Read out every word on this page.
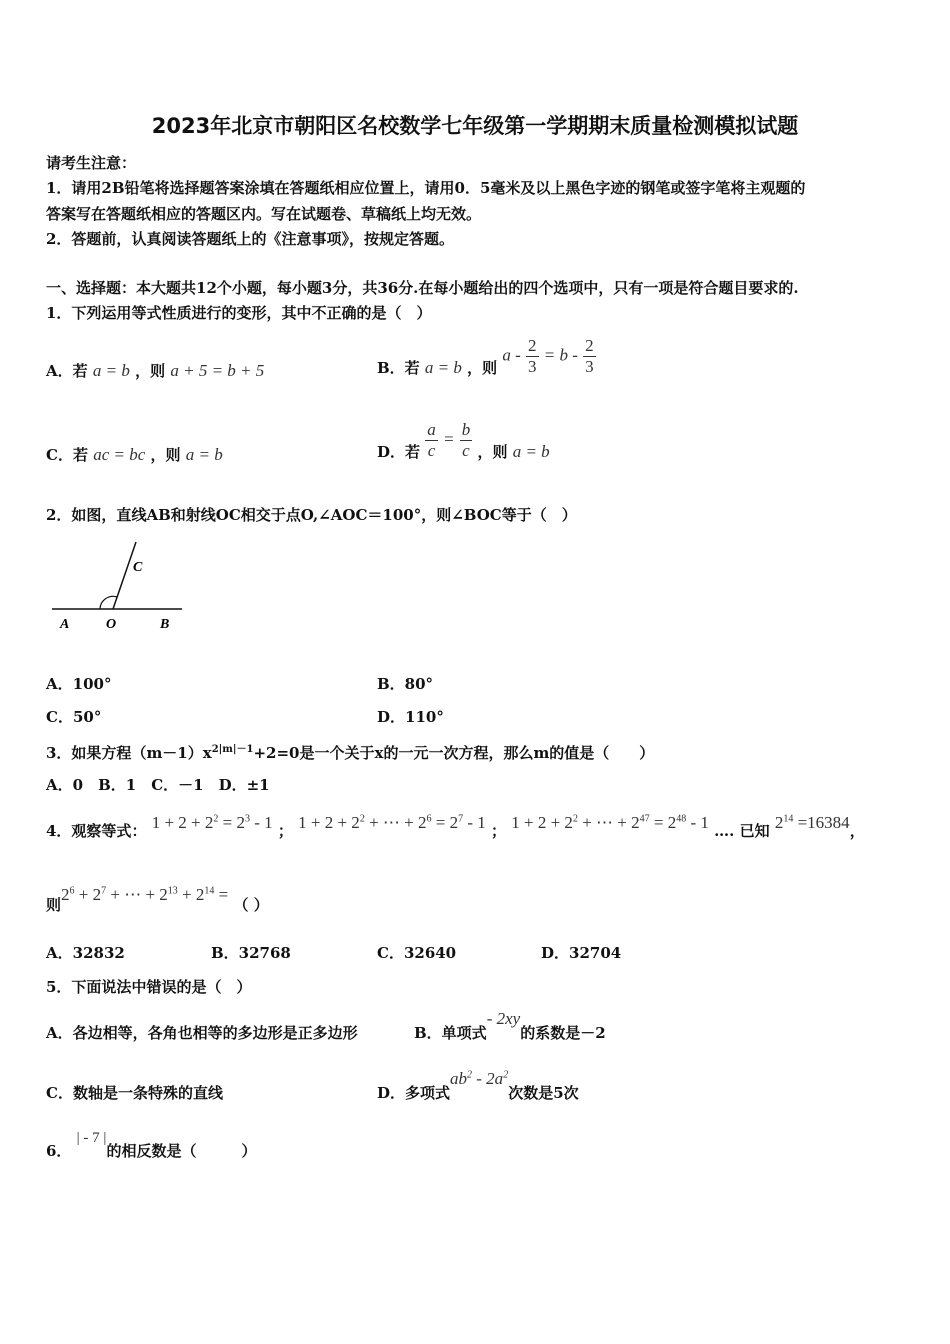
2023年北京市朝阳区名校数学七年级第一学期期末质量检测模拟试题
请考生注意：
1．请用2B铅笔将选择题答案涂填在答题纸相应位置上，请用0．5毫米及以上黑色字迹的钢笔或签字笔将主观题的
答案写在答题纸相应的答题区内。写在试题卷、草稿纸上均无效。
2．答题前，认真阅读答题纸上的《注意事项》，按规定答题。
一、选择题：本大题共12个小题，每小题3分，共36分.在每小题给出的四个选项中，只有一项是符合题目要求的.
1．下列运用等式性质进行的变形，其中不正确的是（　）
A．若 a = b ，则 a + 5 = b + 5	B．若 a = b ，则 $a - \frac{2}{3} = b - \frac{2}{3}$
C．若 ac = bc ，则 a = b	D．若 $\frac{a}{c} = \frac{b}{c}$ ，则 a = b
2．如图，直线AB和射线OC相交于点O,∠AOC＝100°，则∠BOC等于（　）
A	O	B
C
A．100°	B．80°
C．50°	D．110°
3．如果方程$(m-1)x^{2|m|-1}+2=0$是一个关于x的一元一次方程，那么m的值是（　　）
A．0　B．1　C．－1　D．±1
4．观察等式： $1 + 2 + 2^2 = 2^3 - 1$ ； $1 + 2 + 2^2$ + ⋯ + $2^6 = 2^7 - 1$ ； $1 + 2 + 2^2$ + ⋯ + $2^{47} = 2^{48} - 1$ …. 已知 $2^{14} =16384$，
则$2^6 + 2^7$ + ⋯ + $2^{13} + 2^{14}$ = （ ）
A．32832	B．32768	C．32640	D．32704
5．下面说法中错误的是（　）
A．各边相等，各角也相等的多边形是正多边形	B．单项式- 2xy的系数是－2
C．数轴是一条特殊的直线	D．多项式$ab^2 - 2a^2$次数是5次
6． | - 7 |的相反数是（　　　）
